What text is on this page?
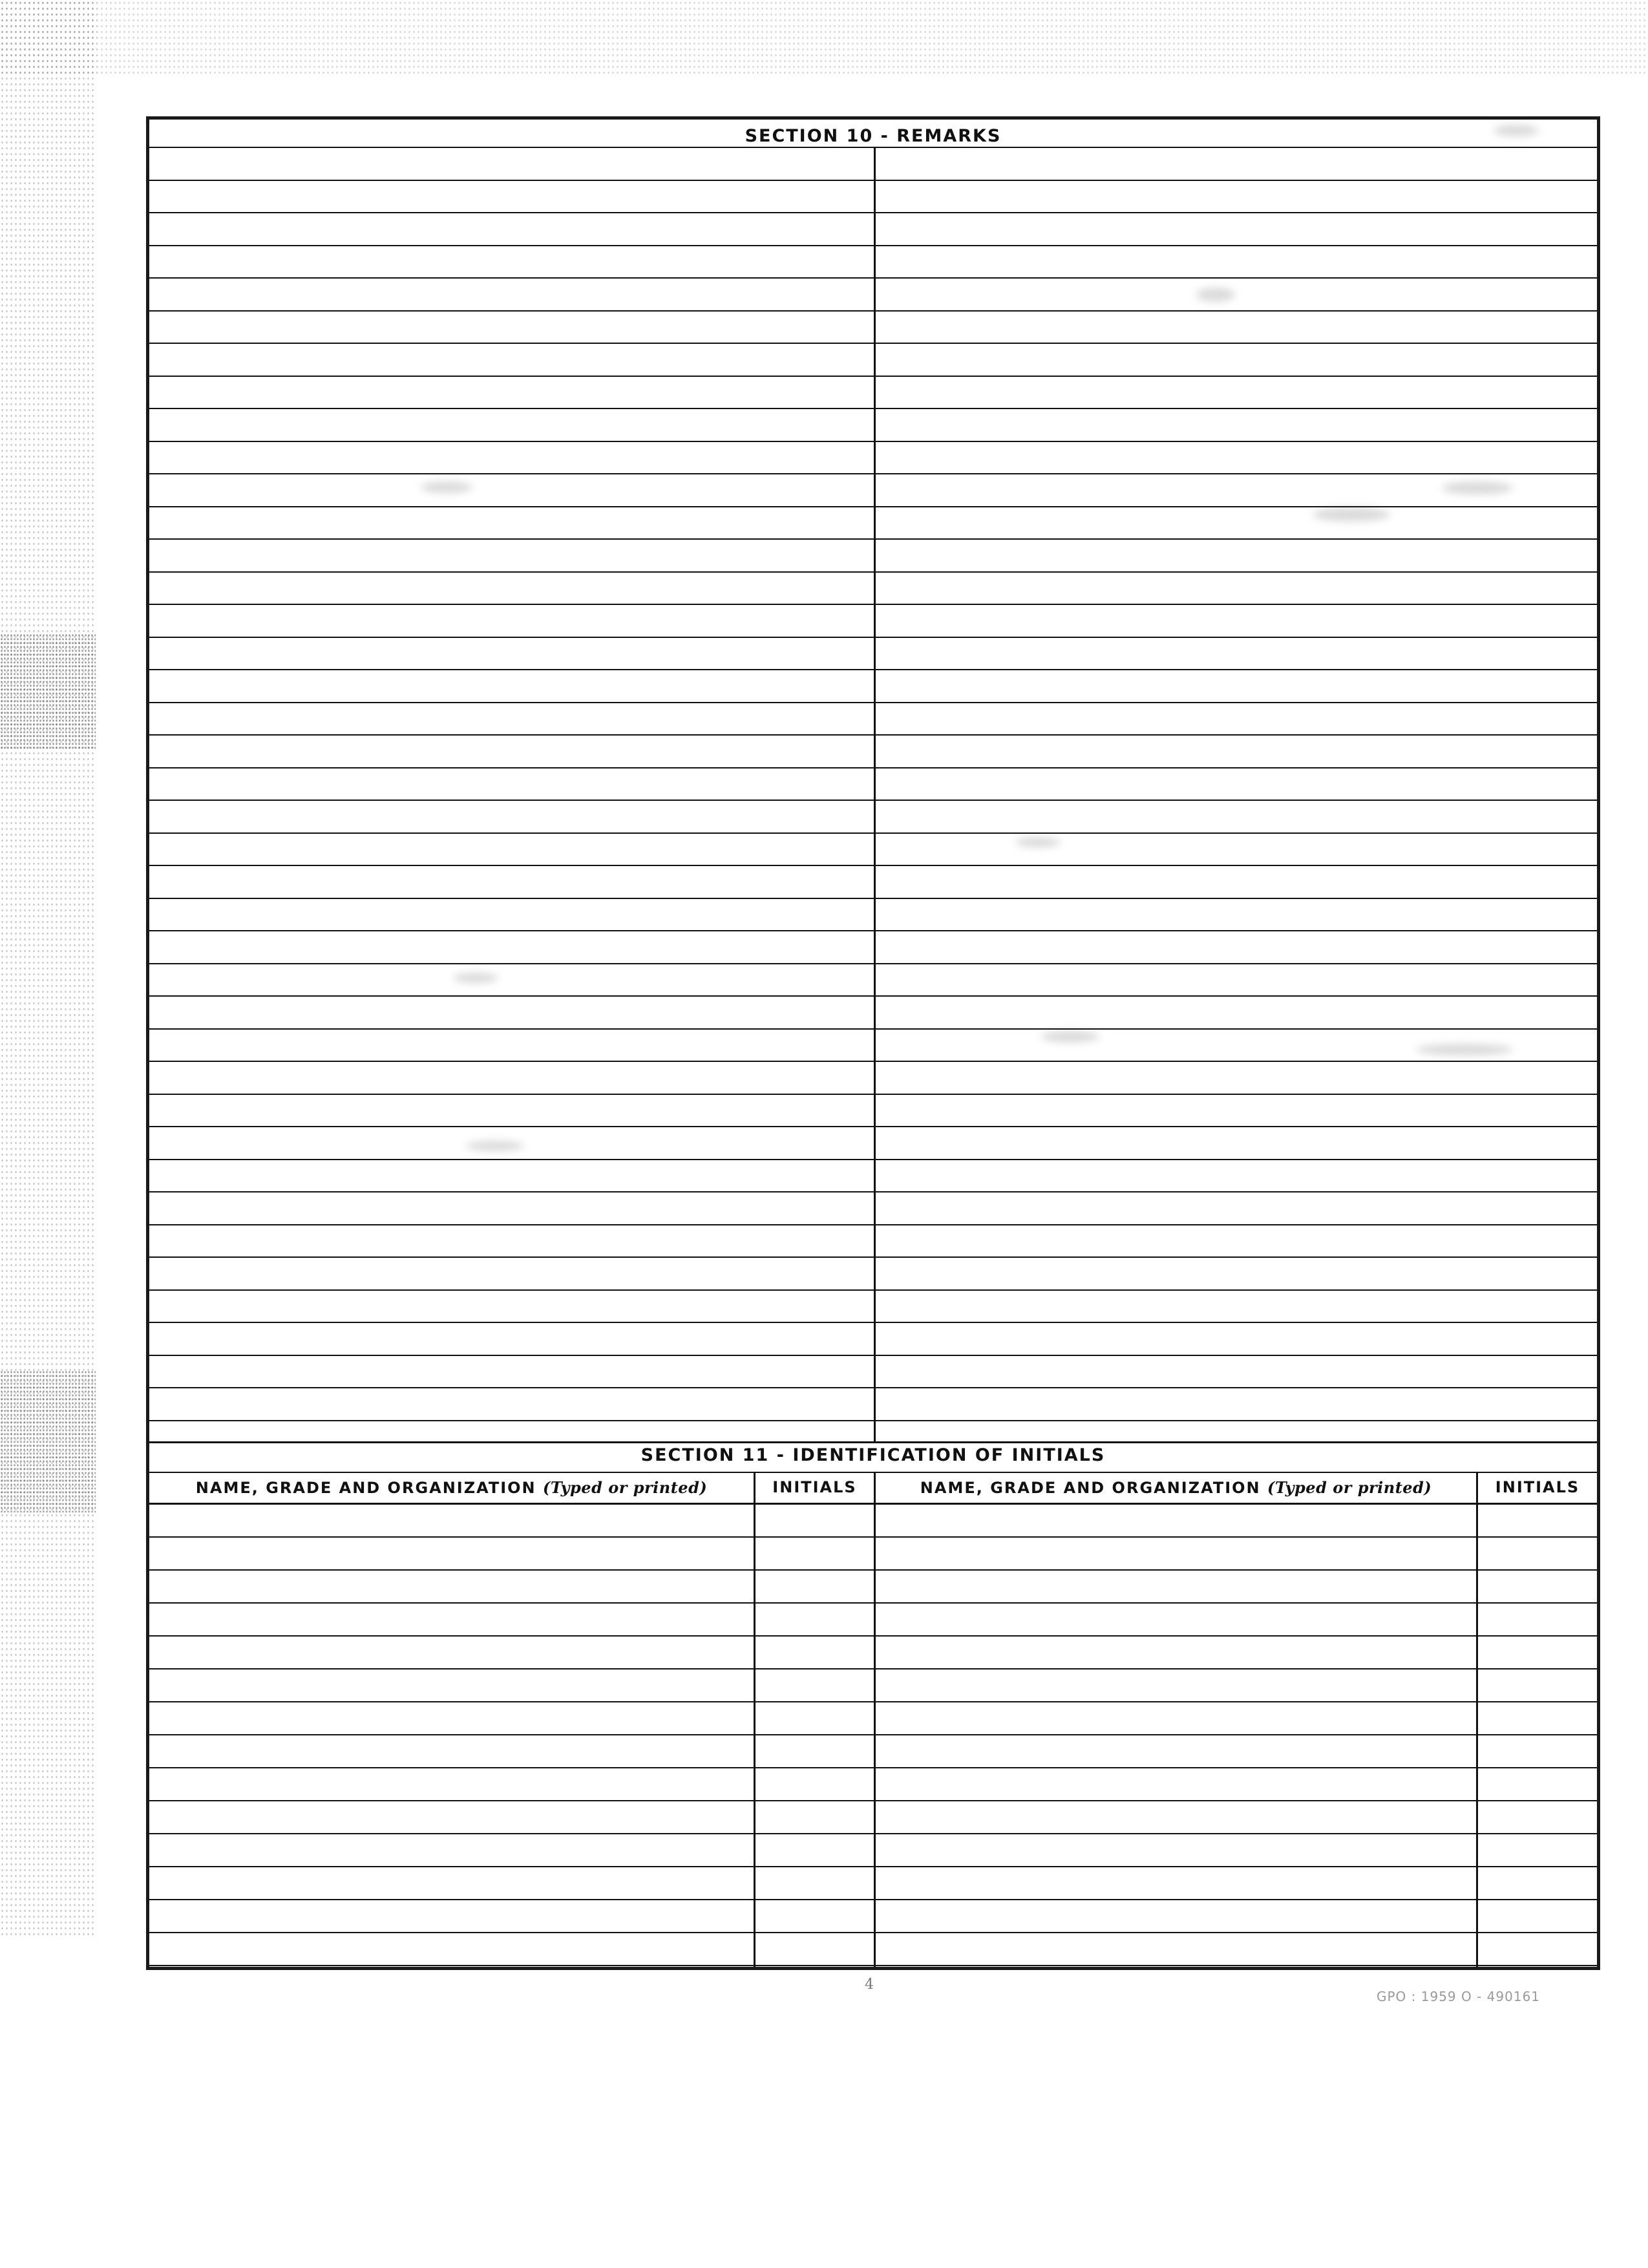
SECTION 10 - REMARKS
SECTION 11 - IDENTIFICATION OF INITIALS
NAME, GRADE AND ORGANIZATION (Typed or printed)	INITIALS	NAME, GRADE AND ORGANIZATION (Typed or printed)	INITIALS
4
GPO : 1959 O - 490161
